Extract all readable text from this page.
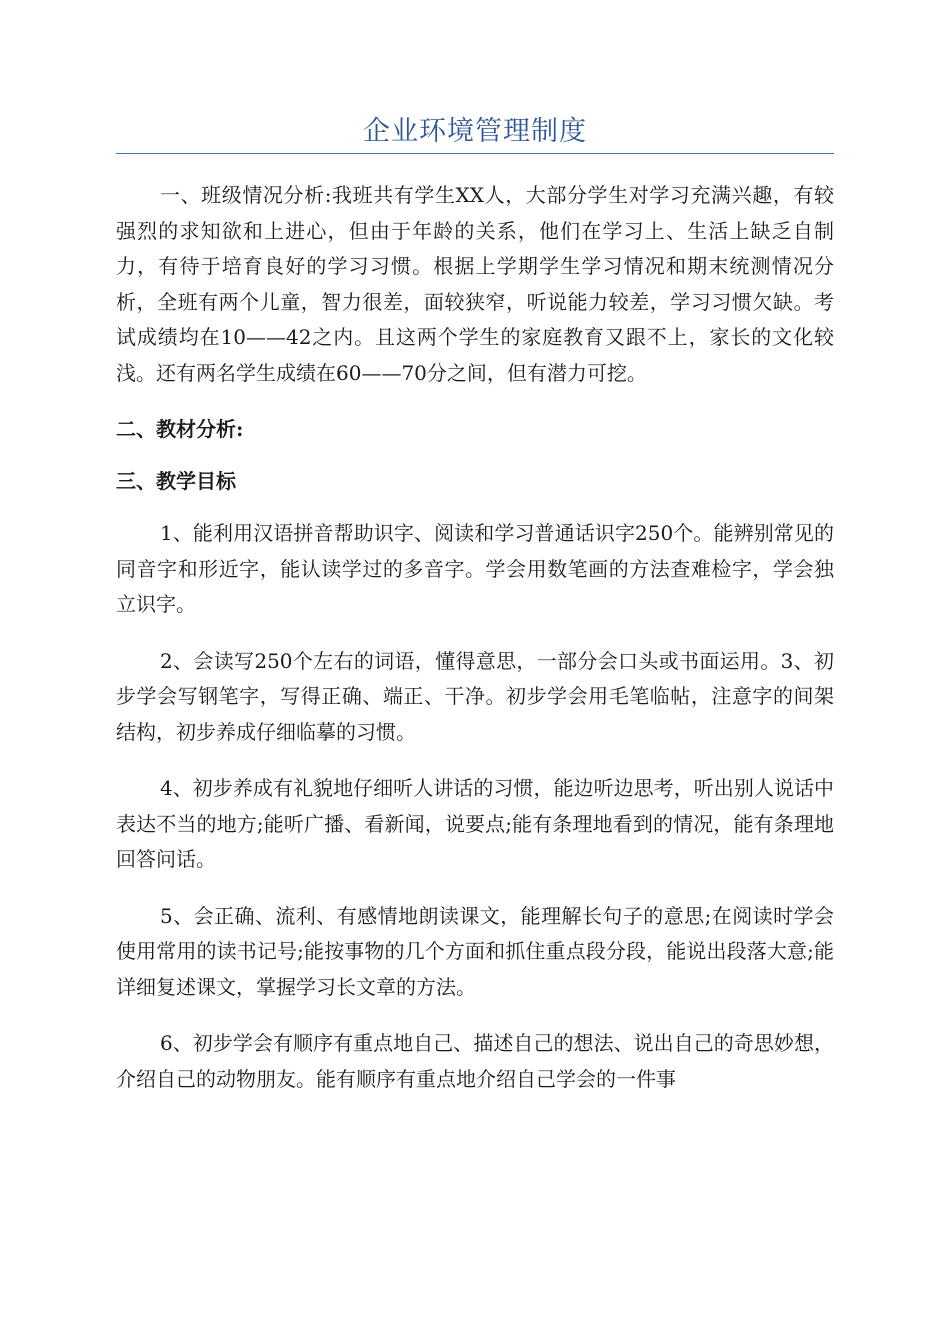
企业环境管理制度

一、班级情况分析:我班共有学生XX人，大部分学生对学习充满兴趣，有较强烈的求知欲和上进心，但由于年龄的关系，他们在学习上、生活上缺乏自制力，有待于培育良好的学习习惯。根据上学期学生学习情况和期末统测情况分析，全班有两个儿童，智力很差，面较狭窄，听说能力较差，学习习惯欠缺。考试成绩均在10——42之内。且这两个学生的家庭教育又跟不上，家长的文化较浅。还有两名学生成绩在60——70分之间，但有潜力可挖。

二、教材分析:
三、教学目标

1、能利用汉语拼音帮助识字、阅读和学习普通话识字250个。能辨别常见的同音字和形近字，能认读学过的多音字。学会用数笔画的方法查难检字，学会独立识字。

2、会读写250个左右的词语，懂得意思，一部分会口头或书面运用。3、初步学会写钢笔字，写得正确、端正、干净。初步学会用毛笔临帖，注意字的间架结构，初步养成仔细临摹的习惯。

4、初步养成有礼貌地仔细听人讲话的习惯，能边听边思考，听出别人说话中表达不当的地方;能听广播、看新闻，说要点;能有条理地看到的情况，能有条理地回答问话。

5、会正确、流利、有感情地朗读课文，能理解长句子的意思;在阅读时学会使用常用的读书记号;能按事物的几个方面和抓住重点段分段，能说出段落大意;能详细复述课文，掌握学习长文章的方法。

6、初步学会有顺序有重点地自己、描述自己的想法、说出自己的奇思妙想，介绍自己的动物朋友。能有顺序有重点地介绍自己学会的一件事
